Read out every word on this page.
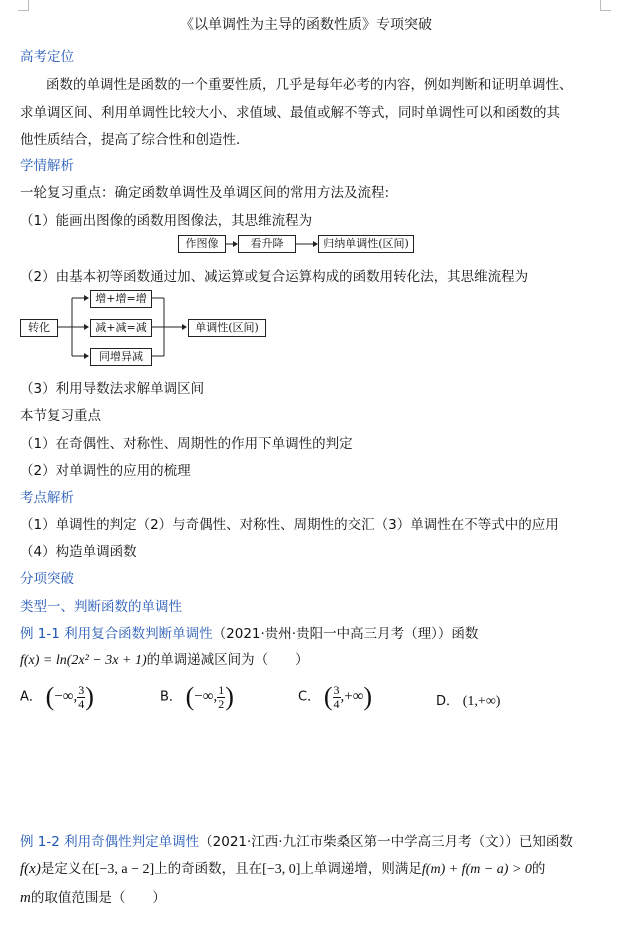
《以单调性为主导的函数性质》专项突破
高考定位
函数的单调性是函数的一个重要性质，几乎是每年必考的内容，例如判断和证明单调性、
求单调区间、利用单调性比较大小、求值域、最值或解不等式，同时单调性可以和函数的其
他性质结合，提高了综合性和创造性．
学情解析
一轮复习重点：确定函数单调性及单调区间的常用方法及流程:
（1）能画出图像的函数用图像法，其思维流程为
作图像	看升降	归纳单调性(区间)
（2）由基本初等函数通过加、减运算或复合运算构成的函数用转化法，其思维流程为
转化
增+增=增
减+减=减
同增异减
单调性(区间)
（3）利用导数法求解单调区间
本节复习重点
（1）在奇偶性、对称性、周期性的作用下单调性的判定
（2）对单调性的应用的梳理
考点解析
（1）单调性的判定（2）与奇偶性、对称性、周期性的交汇（3）单调性在不等式中的应用
（4）构造单调函数
分项突破
类型一、判断函数的单调性
例 1-1 利用复合函数判断单调性（2021·贵州·贵阳一中高三月考（理））函数
f(x) = ln(2x² − 3x + 1)的单调递减区间为（　　）
A． (−∞, $\frac{3}{4}$ )	B． (−∞, $\frac{1}{2}$ )	C． ( $\frac{3}{4}$ ,+∞)	D． (1,+∞)
例 1-2 利用奇偶性判定单调性（2021·江西·九江市柴桑区第一中学高三月考（文））已知函数
f(x)是定义在[−3, a − 2]上的奇函数，且在[−3, 0]上单调递增，则满足f(m) + f(m − a) > 0的
m的取值范围是（　　）
